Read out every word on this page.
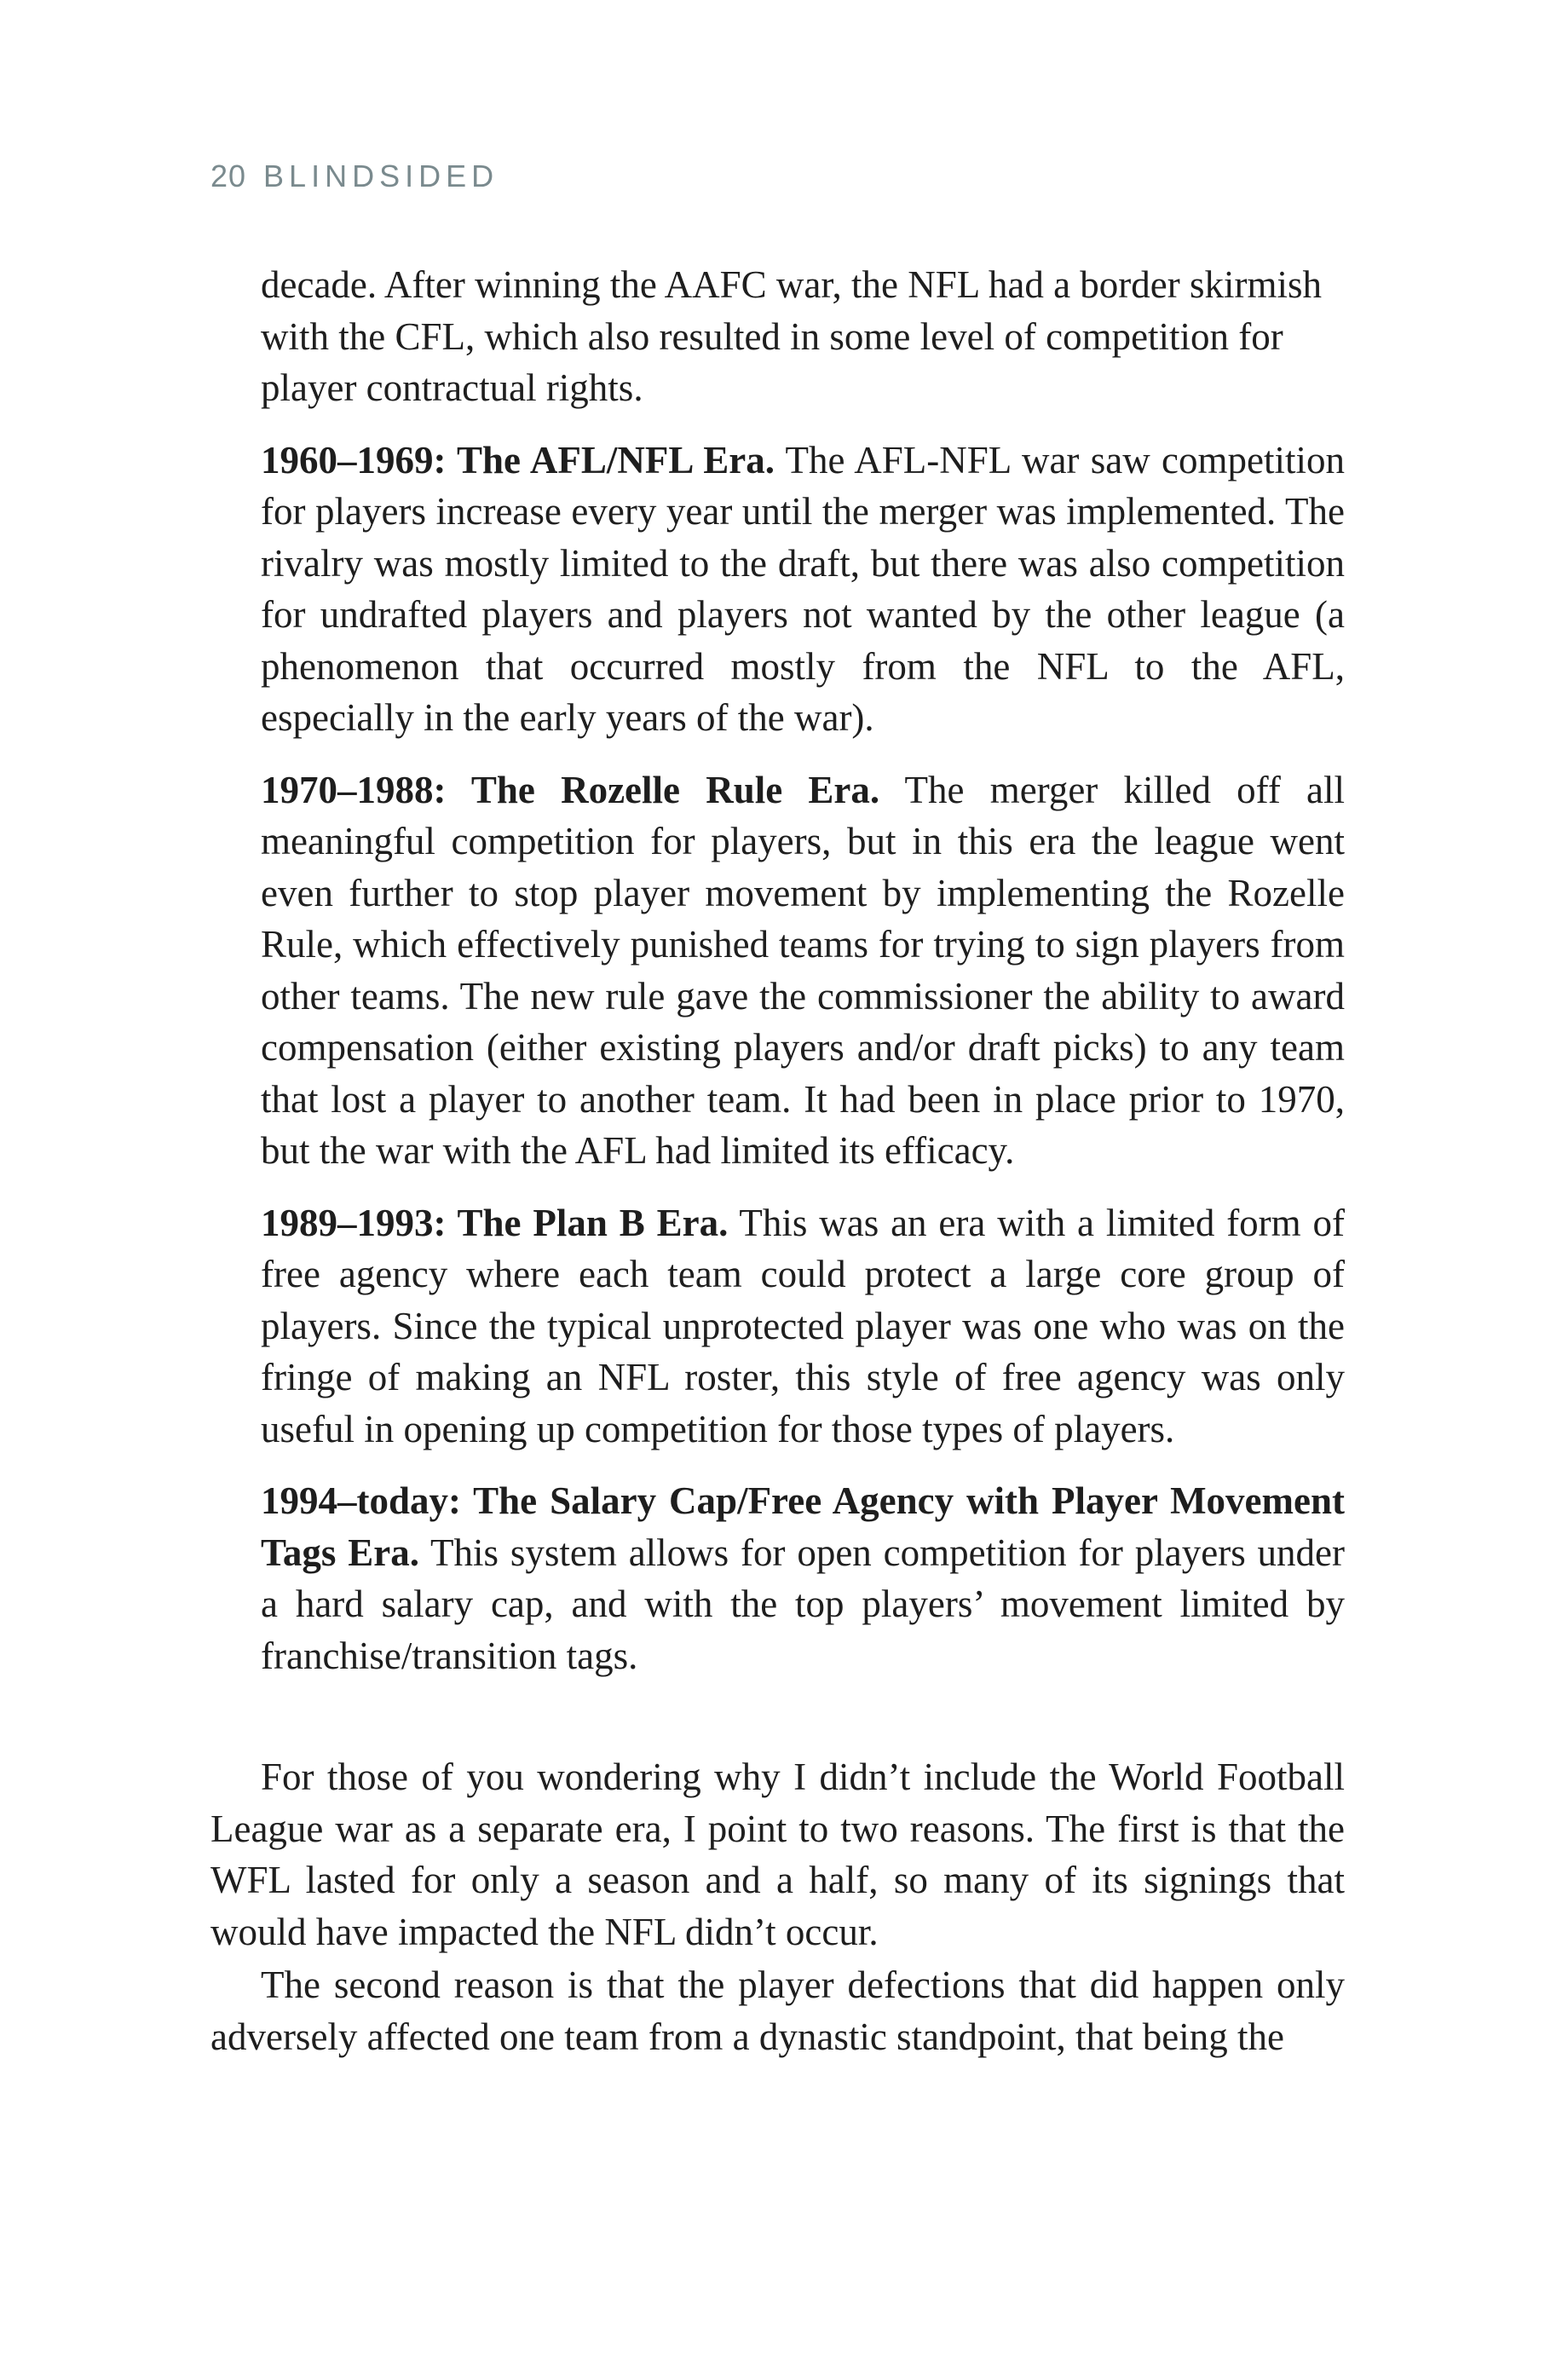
20 BLINDSIDED

decade. After winning the AAFC war, the NFL had a border skirmish with the CFL, which also resulted in some level of competition for player contractual rights.

1960–1969: The AFL/NFL Era. The AFL-NFL war saw competition for players increase every year until the merger was implemented. The rivalry was mostly limited to the draft, but there was also competition for undrafted players and players not wanted by the other league (a phenomenon that occurred mostly from the NFL to the AFL, especially in the early years of the war).

1970–1988: The Rozelle Rule Era. The merger killed off all meaningful competition for players, but in this era the league went even further to stop player movement by implementing the Rozelle Rule, which effectively punished teams for trying to sign players from other teams. The new rule gave the commissioner the ability to award compensation (either existing players and/or draft picks) to any team that lost a player to another team. It had been in place prior to 1970, but the war with the AFL had limited its efficacy.

1989–1993: The Plan B Era. This was an era with a limited form of free agency where each team could protect a large core group of players. Since the typical unprotected player was one who was on the fringe of making an NFL roster, this style of free agency was only useful in opening up competition for those types of players.

1994–today: The Salary Cap/Free Agency with Player Movement Tags Era. This system allows for open competition for players under a hard salary cap, and with the top players’ movement limited by franchise/transition tags.

For those of you wondering why I didn’t include the World Football League war as a separate era, I point to two reasons. The first is that the WFL lasted for only a season and a half, so many of its signings that would have impacted the NFL didn’t occur.

The second reason is that the player defections that did happen only adversely affected one team from a dynastic standpoint, that being the
